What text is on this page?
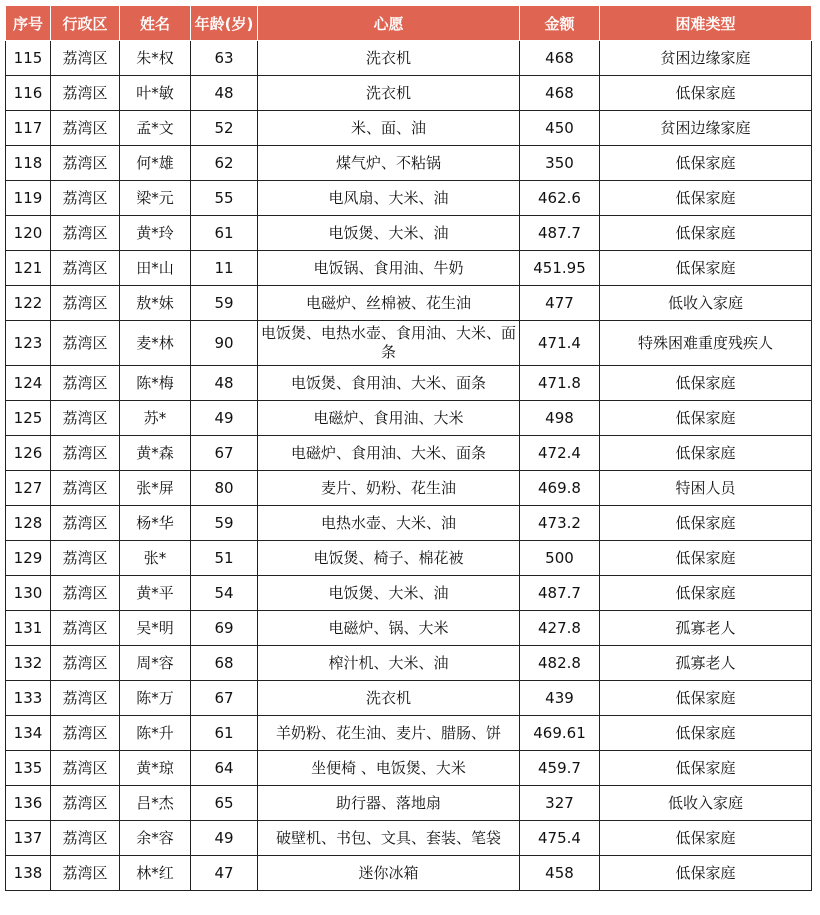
序号	行政区	姓名	年龄(岁)	心愿	金额	困难类型
115	荔湾区	朱*权	63	洗衣机	468	贫困边缘家庭
116	荔湾区	叶*敏	48	洗衣机	468	低保家庭
117	荔湾区	孟*文	52	米、面、油	450	贫困边缘家庭
118	荔湾区	何*雄	62	煤气炉、不粘锅	350	低保家庭
119	荔湾区	梁*元	55	电风扇、大米、油	462.6	低保家庭
120	荔湾区	黄*玲	61	电饭煲、大米、油	487.7	低保家庭
121	荔湾区	田*山	11	电饭锅、食用油、牛奶	451.95	低保家庭
122	荔湾区	敖*妹	59	电磁炉、丝棉被、花生油	477	低收入家庭
123	荔湾区	麦*林	90	电饭煲、电热水壶、食用油、大米、面条	471.4	特殊困难重度残疾人
124	荔湾区	陈*梅	48	电饭煲、食用油、大米、面条	471.8	低保家庭
125	荔湾区	苏*	49	电磁炉、食用油、大米	498	低保家庭
126	荔湾区	黄*森	67	电磁炉、食用油、大米、面条	472.4	低保家庭
127	荔湾区	张*屏	80	麦片、奶粉、花生油	469.8	特困人员
128	荔湾区	杨*华	59	电热水壶、大米、油	473.2	低保家庭
129	荔湾区	张*	51	电饭煲、椅子、棉花被	500	低保家庭
130	荔湾区	黄*平	54	电饭煲、大米、油	487.7	低保家庭
131	荔湾区	吴*明	69	电磁炉、锅、大米	427.8	孤寡老人
132	荔湾区	周*容	68	榨汁机、大米、油	482.8	孤寡老人
133	荔湾区	陈*万	67	洗衣机	439	低保家庭
134	荔湾区	陈*升	61	羊奶粉、花生油、麦片、腊肠、饼	469.61	低保家庭
135	荔湾区	黄*琼	64	坐便椅 、电饭煲、大米	459.7	低保家庭
136	荔湾区	吕*杰	65	助行器、落地扇	327	低收入家庭
137	荔湾区	余*容	49	破壁机、书包、文具、套装、笔袋	475.4	低保家庭
138	荔湾区	林*红	47	迷你冰箱	458	低保家庭
